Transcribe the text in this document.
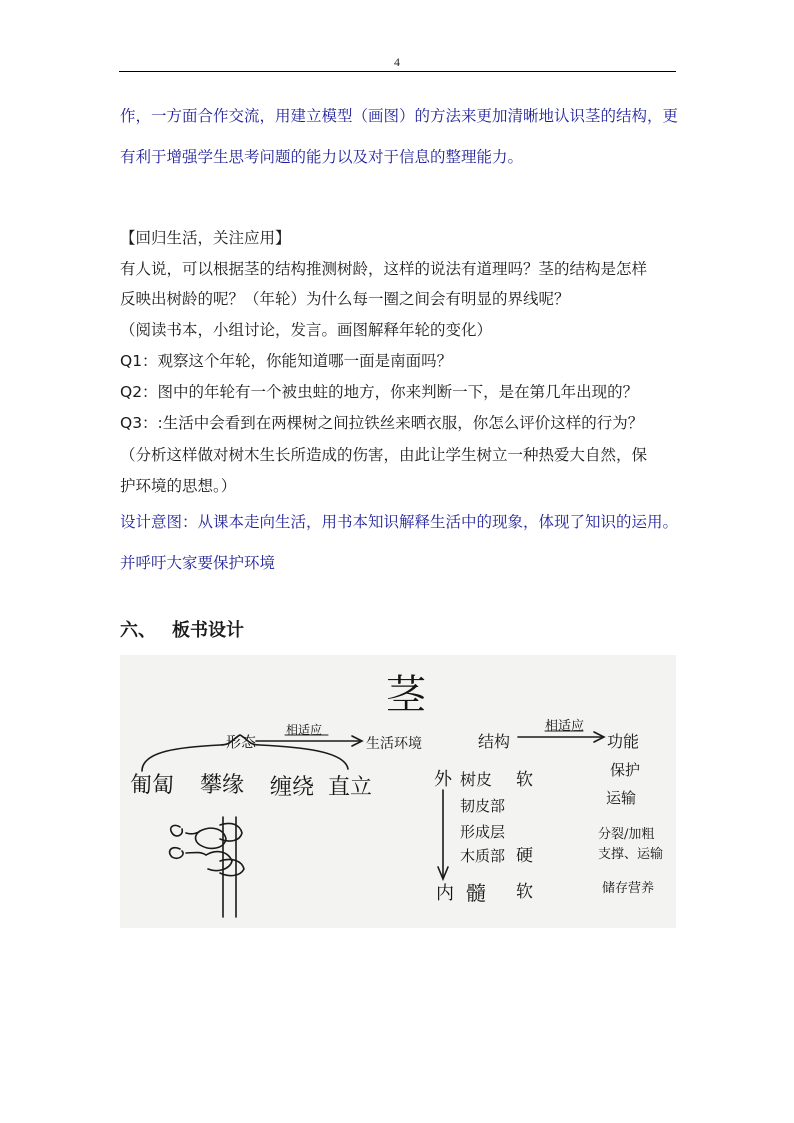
4
作，一方面合作交流，用建立模型（画图）的方法来更加清晰地认识茎的结构，更
有利于增强学生思考问题的能力以及对于信息的整理能力。
【回归生活，关注应用】
有人说，可以根据茎的结构推测树龄，这样的说法有道理吗？茎的结构是怎样
反映出树龄的呢？（年轮）为什么每一圈之间会有明显的界线呢？
（阅读书本，小组讨论，发言。画图解释年轮的变化）
Q1：观察这个年轮，你能知道哪一面是南面吗？
Q2：图中的年轮有一个被虫蛀的地方，你来判断一下，是在第几年出现的？
Q3：:生活中会看到在两棵树之间拉铁丝来晒衣服，你怎么评价这样的行为？
（分析这样做对树木生长所造成的伤害，由此让学生树立一种热爱大自然，保
护环境的思想。）
设计意图：从课本走向生活，用书本知识解释生活中的现象，体现了知识的运用。
并呼吁大家要保护环境
六、 板书设计
茎
形态
相适应
生活环境
匍匐 攀缘 缠绕 直立
结构
相适应
功能
外 树皮
韧皮部
形成层
木质部
内 髓
软
硬
软
保护
运输
分裂/加粗
支撑、运输
储存营养
